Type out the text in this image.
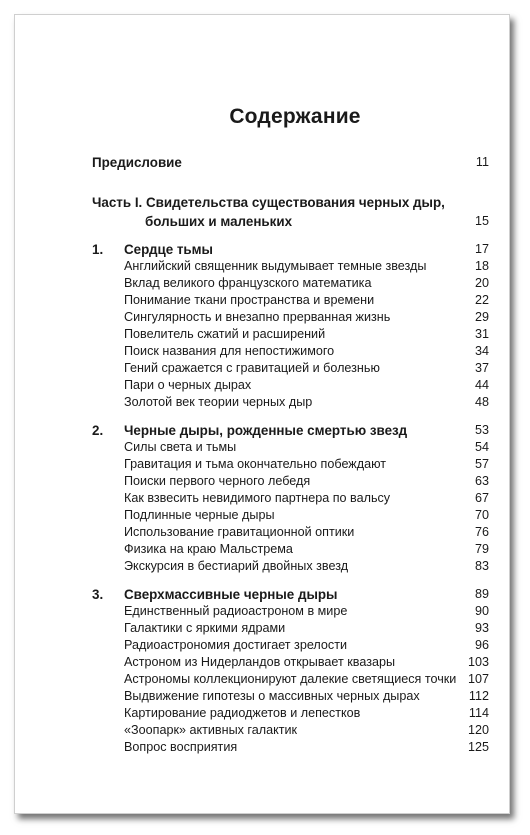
Содержание
Предисловие	11
Часть I. Свидетельства существования черных дыр,
больших и маленьких	15
1. Сердце тьмы	17
Английский священник выдумывает темные звезды	18
Вклад великого французского математика	20
Понимание ткани пространства и времени	22
Сингулярность и внезапно прерванная жизнь	29
Повелитель сжатий и расширений	31
Поиск названия для непостижимого	34
Гений сражается с гравитацией и болезнью	37
Пари о черных дырах	44
Золотой век теории черных дыр	48
2. Черные дыры, рожденные смертью звезд	53
Силы света и тьмы	54
Гравитация и тьма окончательно побеждают	57
Поиски первого черного лебедя	63
Как взвесить невидимого партнера по вальсу	67
Подлинные черные дыры	70
Использование гравитационной оптики	76
Физика на краю Мальстрема	79
Экскурсия в бестиарий двойных звезд	83
3. Сверхмассивные черные дыры	89
Единственный радиоастроном в мире	90
Галактики с яркими ядрами	93
Радиоастрономия достигает зрелости	96
Астроном из Нидерландов открывает квазары	103
Астрономы коллекционируют далекие светящиеся точки 107
Выдвижение гипотезы о массивных черных дырах	112
Картирование радиоджетов и лепестков	114
«Зоопарк» активных галактик	120
Вопрос восприятия	125
